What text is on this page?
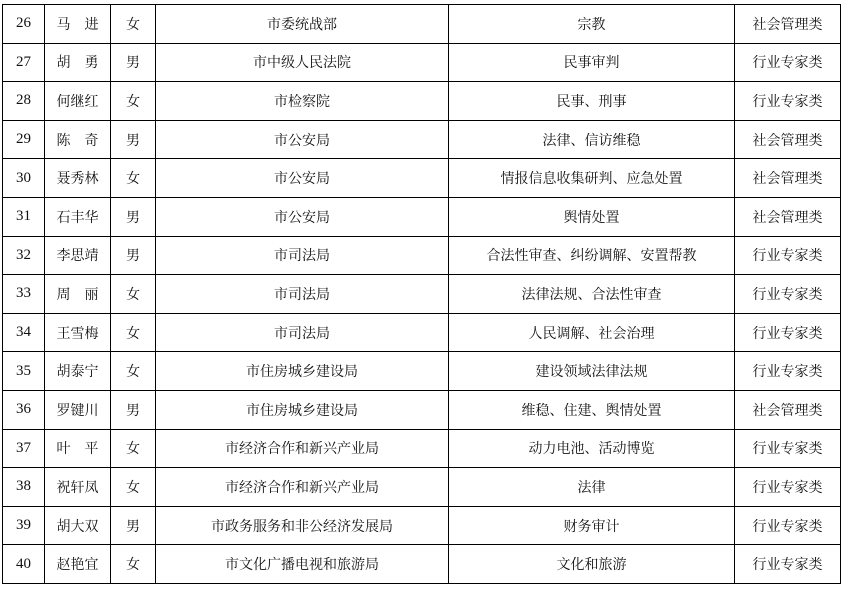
26	马　进	女	市委统战部	宗教	社会管理类
27	胡　勇	男	市中级人民法院	民事审判	行业专家类
28	何继红	女	市检察院	民事、刑事	行业专家类
29	陈　奇	男	市公安局	法律、信访维稳	社会管理类
30	聂秀林	女	市公安局	情报信息收集研判、应急处置	社会管理类
31	石丰华	男	市公安局	舆情处置	社会管理类
32	李思靖	男	市司法局	合法性审查、纠纷调解、安置帮教	行业专家类
33	周　丽	女	市司法局	法律法规、合法性审查	行业专家类
34	王雪梅	女	市司法局	人民调解、社会治理	行业专家类
35	胡泰宁	女	市住房城乡建设局	建设领域法律法规	行业专家类
36	罗键川	男	市住房城乡建设局	维稳、住建、舆情处置	社会管理类
37	叶　平	女	市经济合作和新兴产业局	动力电池、活动博览	行业专家类
38	祝轩凤	女	市经济合作和新兴产业局	法律	行业专家类
39	胡大双	男	市政务服务和非公经济发展局	财务审计	行业专家类
40	赵艳宜	女	市文化广播电视和旅游局	文化和旅游	行业专家类
